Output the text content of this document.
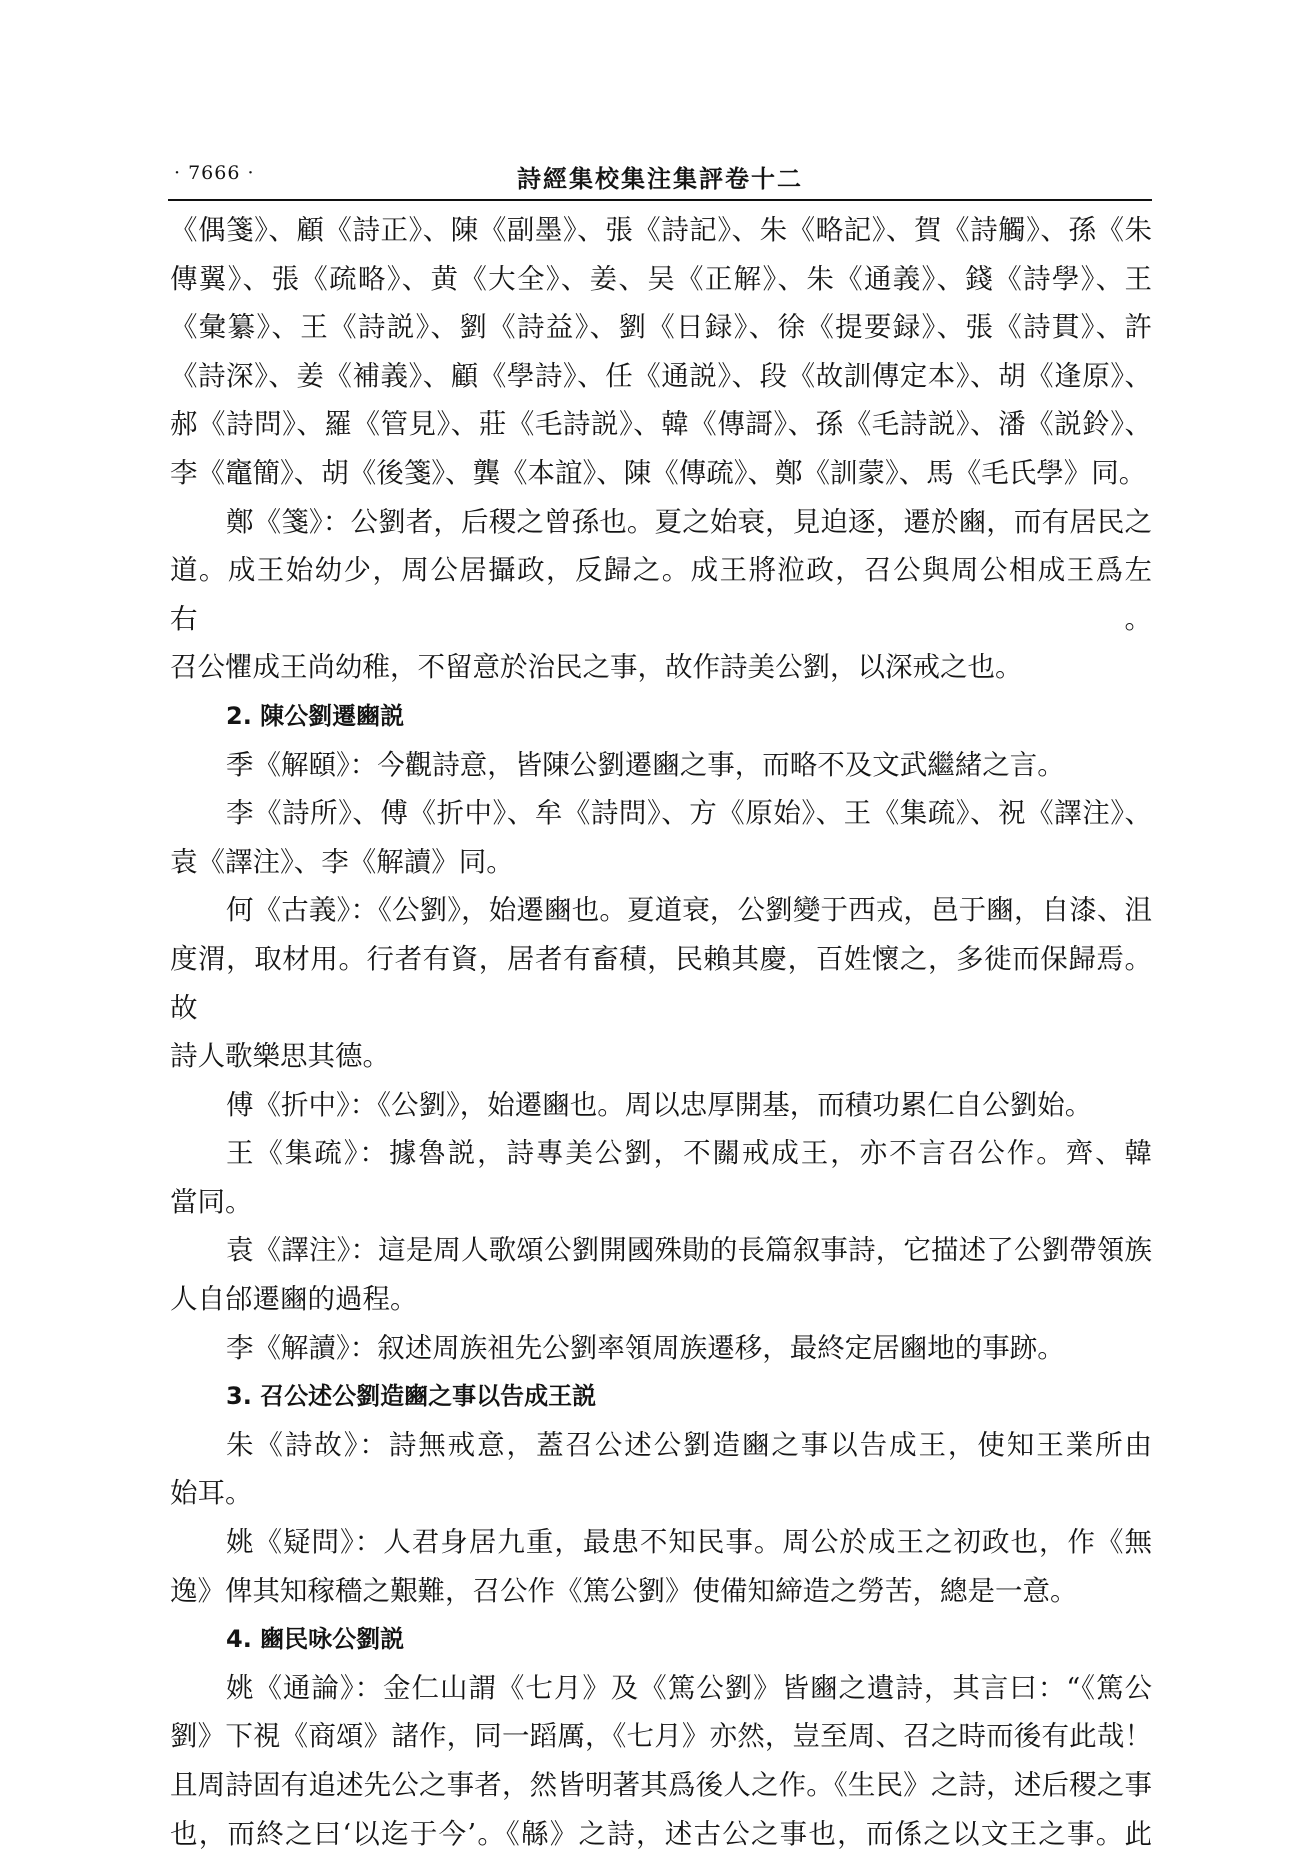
· 7666 ·	詩經集校集注集評卷十二

《偶箋》、顧《詩正》、陳《副墨》、張《詩記》、朱《略記》、賀《詩觸》、孫《朱

傳翼》、張《疏略》、黄《大全》、姜、吴《正解》、朱《通義》、錢《詩學》、王

《彙纂》、王《詩説》、劉《詩益》、劉《日録》、徐《提要録》、張《詩貫》、許

《詩深》、姜《補義》、顧《學詩》、任《通説》、段《故訓傳定本》、胡《逢原》、

郝《詩問》、羅《管見》、莊《毛詩説》、韓《傳謌》、孫《毛詩説》、潘《説鈴》、

李《竈簡》、胡《後箋》、龔《本誼》、陳《傳疏》、鄭《訓蒙》、馬《毛氏學》同。

鄭《箋》：公劉者，后稷之曾孫也。夏之始衰，見迫逐，遷於豳，而有居民之

道。成王始幼少，周公居攝政，反歸之。成王將涖政，召公與周公相成王爲左右。

召公懼成王尚幼稚，不留意於治民之事，故作詩美公劉，以深戒之也。

2. 陳公劉遷豳説

季《解頤》：今觀詩意，皆陳公劉遷豳之事，而略不及文武繼緒之言。

李《詩所》、傅《折中》、牟《詩問》、方《原始》、王《集疏》、祝《譯注》、

袁《譯注》、李《解讀》同。

何《古義》：《公劉》，始遷豳也。夏道衰，公劉變于西戎，邑于豳，自漆、沮

度渭，取材用。行者有資，居者有畜積，民賴其慶，百姓懷之，多徙而保歸焉。故

詩人歌樂思其德。

傅《折中》：《公劉》，始遷豳也。周以忠厚開基，而積功累仁自公劉始。

王《集疏》：據魯説，詩專美公劉，不關戒成王，亦不言召公作。齊、韓

當同。

袁《譯注》：這是周人歌頌公劉開國殊勛的長篇叙事詩，它描述了公劉帶領族

人自邰遷豳的過程。

李《解讀》：叙述周族祖先公劉率領周族遷移，最終定居豳地的事跡。

3. 召公述公劉造豳之事以告成王説

朱《詩故》：詩無戒意，蓋召公述公劉造豳之事以告成王，使知王業所由

始耳。

姚《疑問》：人君身居九重，最患不知民事。周公於成王之初政也，作《無

逸》俾其知稼穡之艱難，召公作《篤公劉》使備知締造之勞苦，總是一意。

4. 豳民咏公劉説

姚《通論》：金仁山謂《七月》及《篤公劉》皆豳之遺詩，其言曰：“《篤公

劉》下視《商頌》諸作，同一蹈厲，《七月》亦然，豈至周、召之時而後有此哉！

且周詩固有追述先公之事者，然皆明著其爲後人之作。《生民》之詩，述后稷之事

也，而終之曰‘以迄于今’。《緜》之詩，述古公之事也，而係之以文王之事。此
